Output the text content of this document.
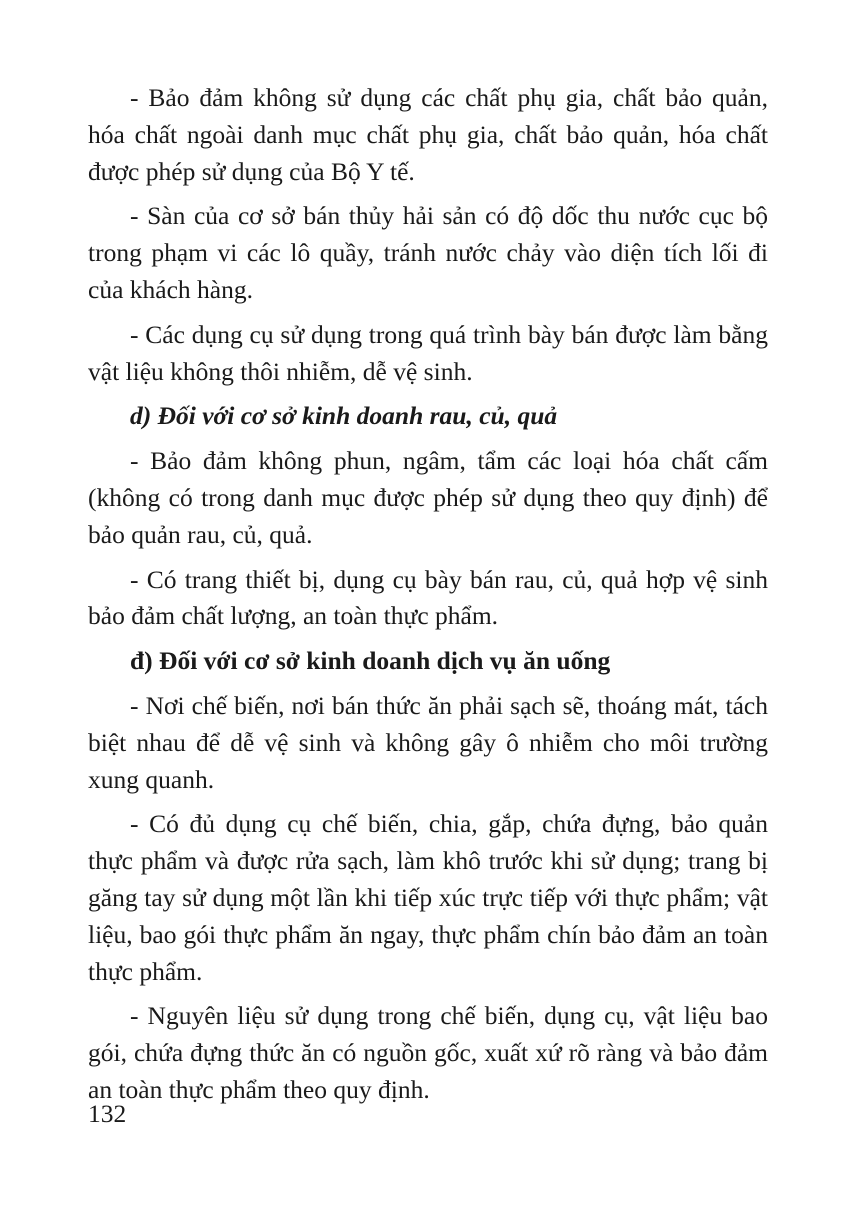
- Bảo đảm không sử dụng các chất phụ gia, chất bảo quản, hóa chất ngoài danh mục chất phụ gia, chất bảo quản, hóa chất được phép sử dụng của Bộ Y tế.

- Sàn của cơ sở bán thủy hải sản có độ dốc thu nước cục bộ trong phạm vi các lô quầy, tránh nước chảy vào diện tích lối đi của khách hàng.

- Các dụng cụ sử dụng trong quá trình bày bán được làm bằng vật liệu không thôi nhiễm, dễ vệ sinh.

d) Đối với cơ sở kinh doanh rau, củ, quả

- Bảo đảm không phun, ngâm, tẩm các loại hóa chất cấm (không có trong danh mục được phép sử dụng theo quy định) để bảo quản rau, củ, quả.

- Có trang thiết bị, dụng cụ bày bán rau, củ, quả hợp vệ sinh bảo đảm chất lượng, an toàn thực phẩm.

đ) Đối với cơ sở kinh doanh dịch vụ ăn uống

- Nơi chế biến, nơi bán thức ăn phải sạch sẽ, thoáng mát, tách biệt nhau để dễ vệ sinh và không gây ô nhiễm cho môi trường xung quanh.

- Có đủ dụng cụ chế biến, chia, gắp, chứa đựng, bảo quản thực phẩm và được rửa sạch, làm khô trước khi sử dụng; trang bị găng tay sử dụng một lần khi tiếp xúc trực tiếp với thực phẩm; vật liệu, bao gói thực phẩm ăn ngay, thực phẩm chín bảo đảm an toàn thực phẩm.

- Nguyên liệu sử dụng trong chế biến, dụng cụ, vật liệu bao gói, chứa đựng thức ăn có nguồn gốc, xuất xứ rõ ràng và bảo đảm an toàn thực phẩm theo quy định.

132
